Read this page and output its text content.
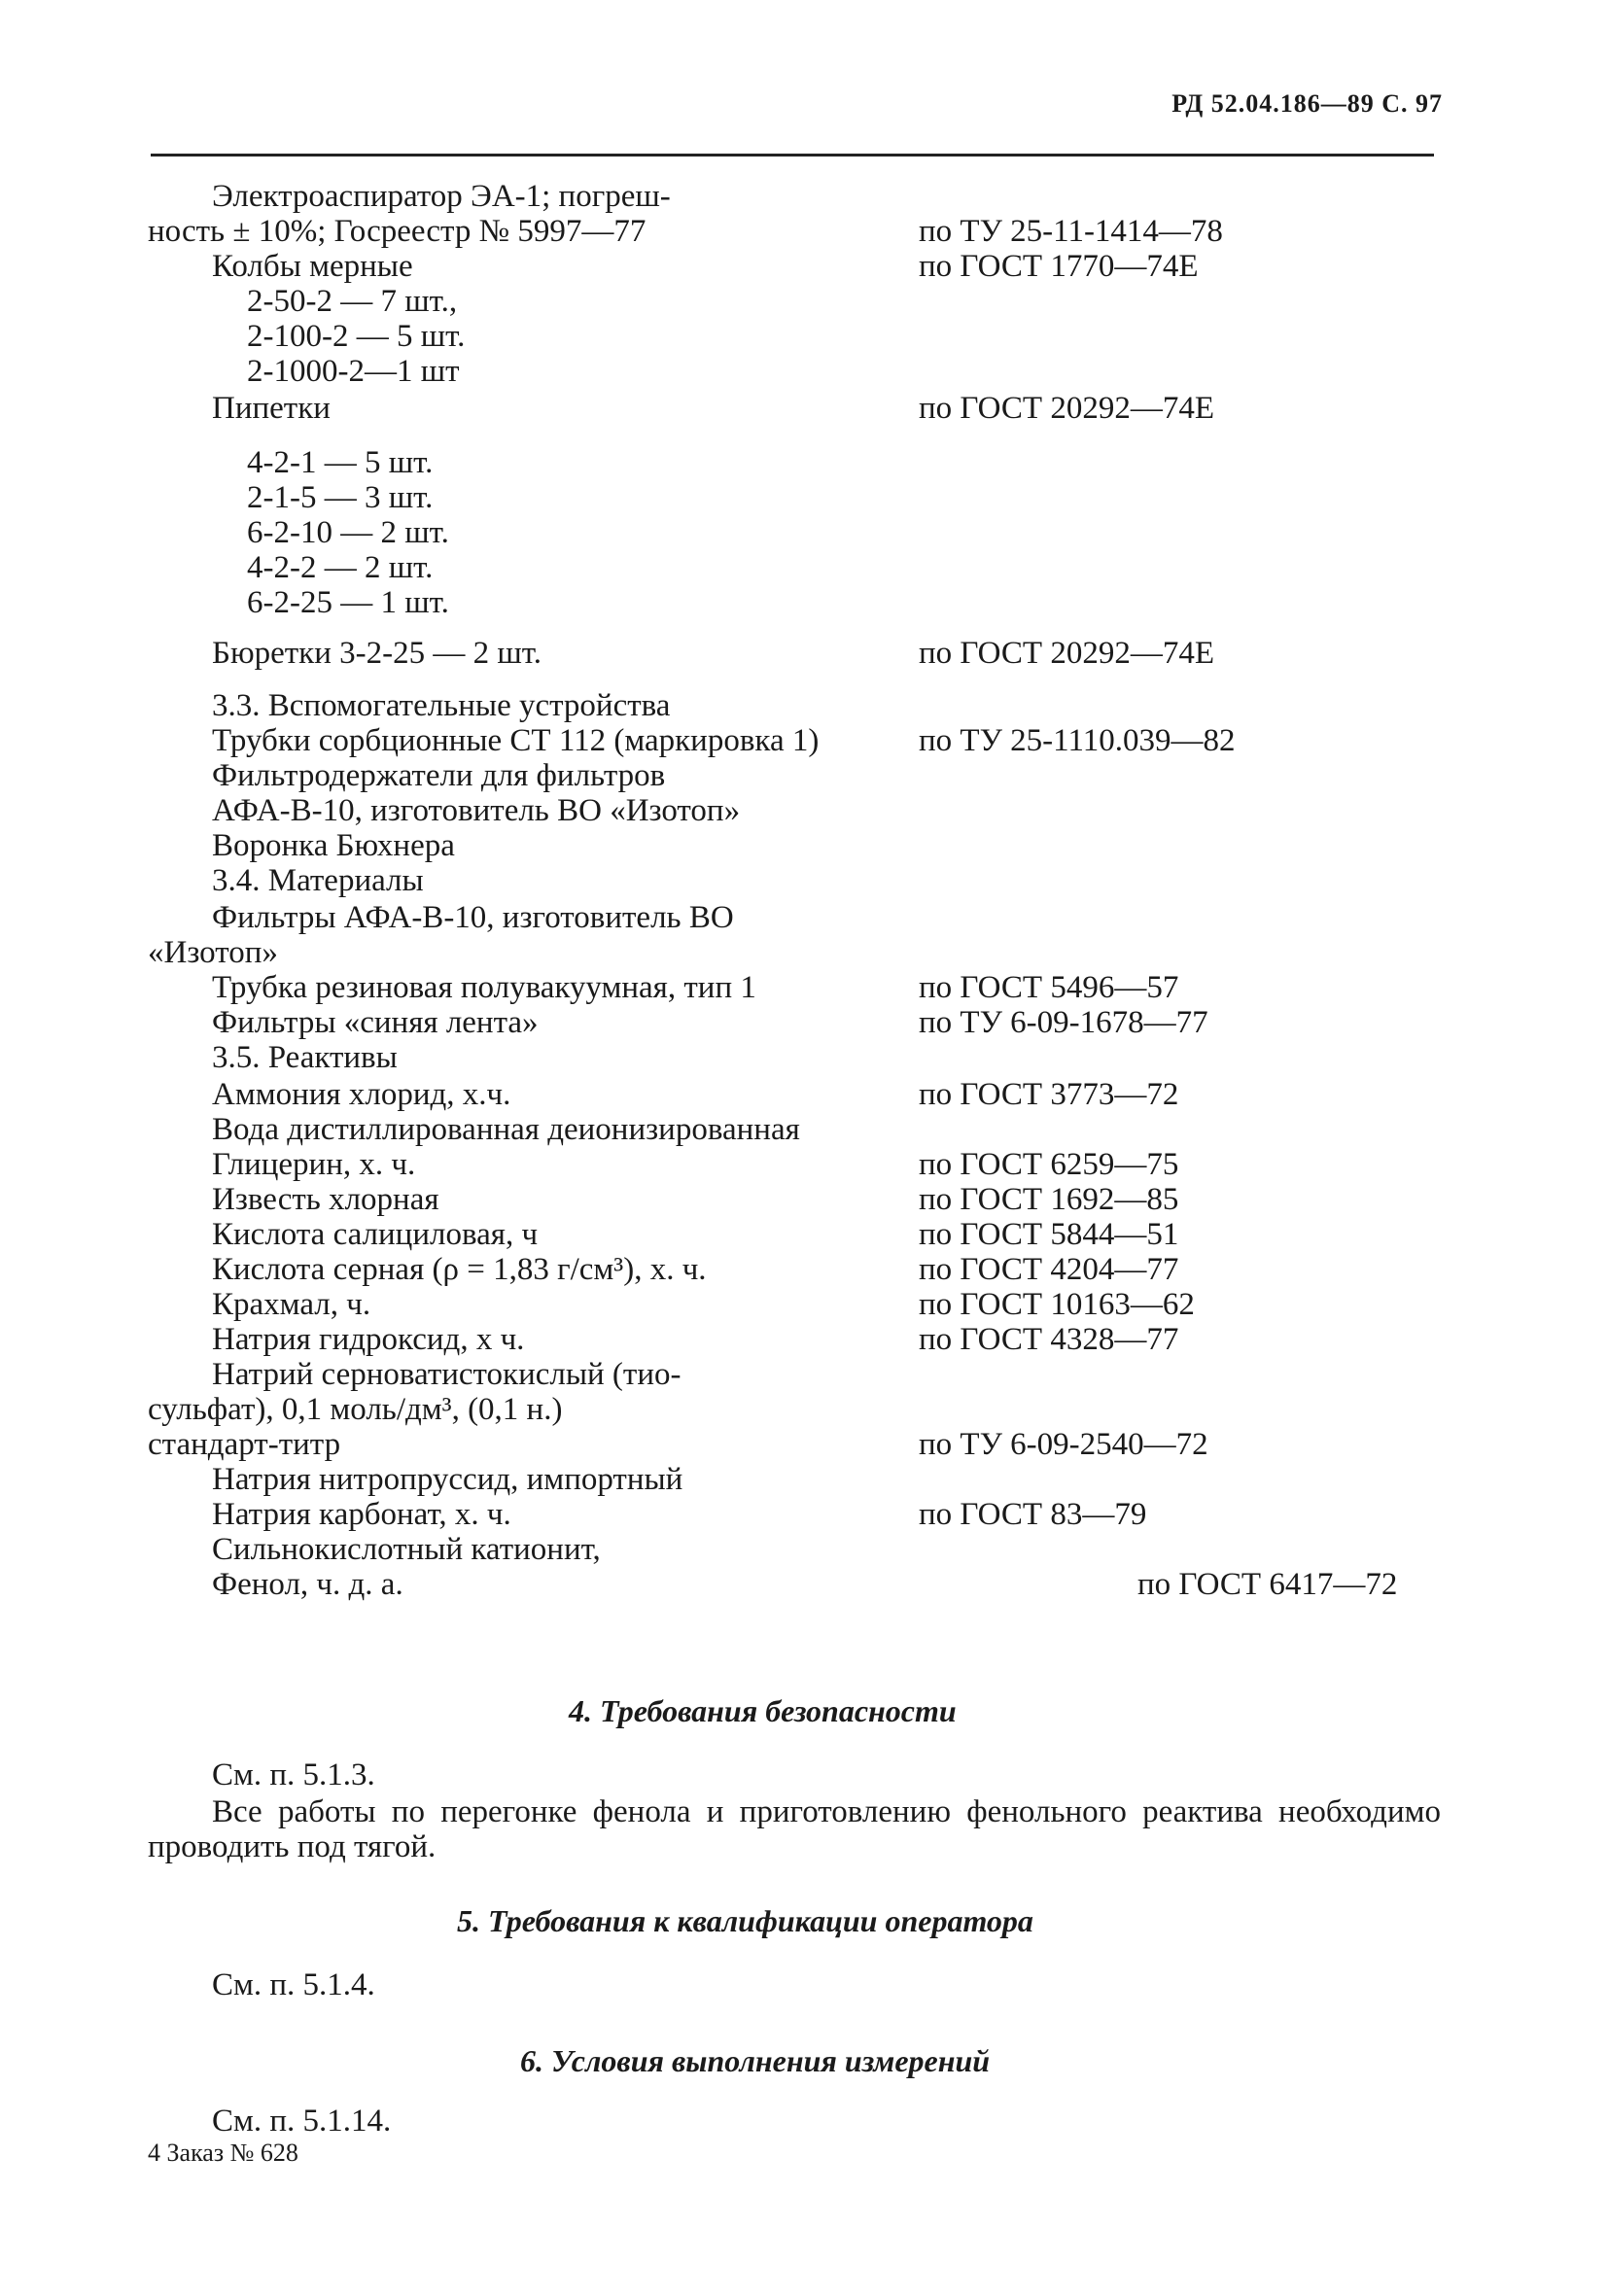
РД 52.04.186—89 С. 97
Электроаспиратор ЭА-1; погреш-
ность ± 10%; Госреестр № 5997—77	по ТУ 25-11-1414—78
Колбы мерные	по ГОСТ 1770—74Е
2-50-2 — 7 шт.,
2-100-2 — 5 шт.
2-1000-2—1 шт
Пипетки	по ГОСТ 20292—74Е
4-2-1 — 5 шт.
2-1-5 — 3 шт.
6-2-10 — 2 шт.
4-2-2 — 2 шт.
6-2-25 — 1 шт.
Бюретки 3-2-25 — 2 шт.	по ГОСТ 20292—74Е
3.3. Вспомогательные устройства
Трубки сорбционные СТ 112 (маркировка 1)	по ТУ 25-1110.039—82
Фильтродержатели для фильтров
АФА-В-10, изготовитель ВО «Изотоп»
Воронка Бюхнера
3.4. Материалы
Фильтры АФА-В-10, изготовитель ВО
«Изотоп»
Трубка резиновая полувакуумная, тип 1	по ГОСТ 5496—57
Фильтры «синяя лента»	по ТУ 6-09-1678—77
3.5. Реактивы
Аммония хлорид, х.ч.	по ГОСТ 3773—72
Вода дистиллированная деионизированная
Глицерин, х. ч.	по ГОСТ 6259—75
Известь хлорная	по ГОСТ 1692—85
Кислота салициловая, ч	по ГОСТ 5844—51
Кислота серная (ρ = 1,83 г/см³), х. ч.	по ГОСТ 4204—77
Крахмал, ч.	по ГОСТ 10163—62
Натрия гидроксид, х ч.	по ГОСТ 4328—77
Натрий серноватистокислый (тио-
сульфат), 0,1 моль/дм³, (0,1 н.)
стандарт-титр	по ТУ 6-09-2540—72
Натрия нитропруссид, импортный
Натрия карбонат, х. ч.	по ГОСТ 83—79
Сильнокислотный катионит,
Фенол, ч. д. а.	по ГОСТ 6417—72
4. Требования безопасности
См. п. 5.1.3.
Все работы по перегонке фенола и приготовлению фенольного реактива необходимо проводить под тягой.
5. Требования к квалификации оператора
См. п. 5.1.4.
6. Условия выполнения измерений
См. п. 5.1.14.
4 Заказ № 628
